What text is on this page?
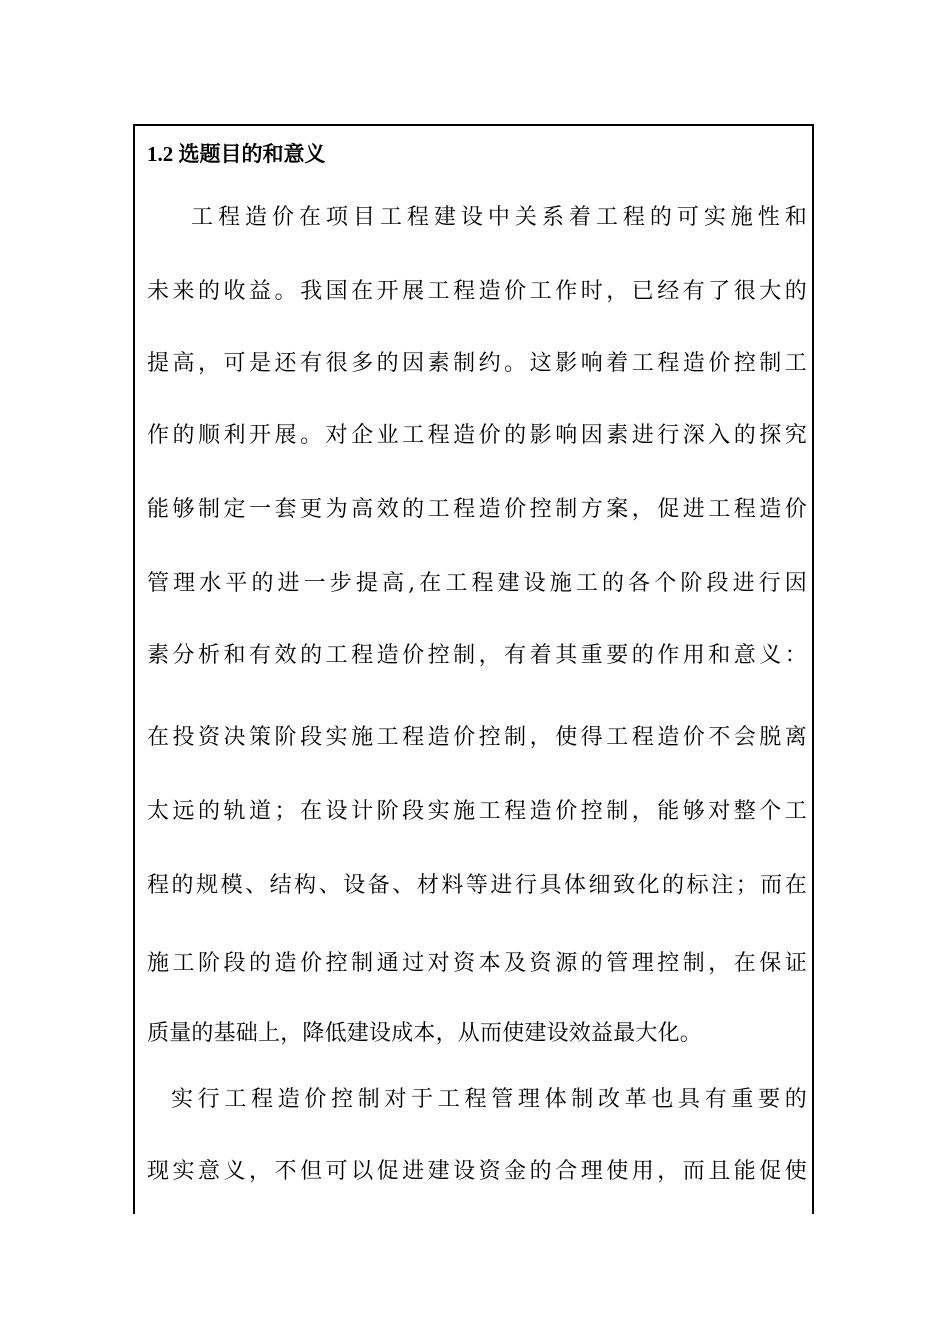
1.2 选题目的和意义
工程造价在项目工程建设中关系着工程的可实施性和
未来的收益。我国在开展工程造价工作时，已经有了很大的
提高，可是还有很多的因素制约。这影响着工程造价控制工
作的顺利开展。对企业工程造价的影响因素进行深入的探究
能够制定一套更为高效的工程造价控制方案，促进工程造价
管理水平的进一步提高,在工程建设施工的各个阶段进行因
素分析和有效的工程造价控制，有着其重要的作用和意义：
在投资决策阶段实施工程造价控制，使得工程造价不会脱离
太远的轨道；在设计阶段实施工程造价控制，能够对整个工
程的规模、结构、设备、材料等进行具体细致化的标注；而在
施工阶段的造价控制通过对资本及资源的管理控制，在保证
质量的基础上，降低建设成本，从而使建设效益最大化。
实行工程造价控制对于工程管理体制改革也具有重要的
现实意义，不但可以促进建设资金的合理使用，而且能促使
